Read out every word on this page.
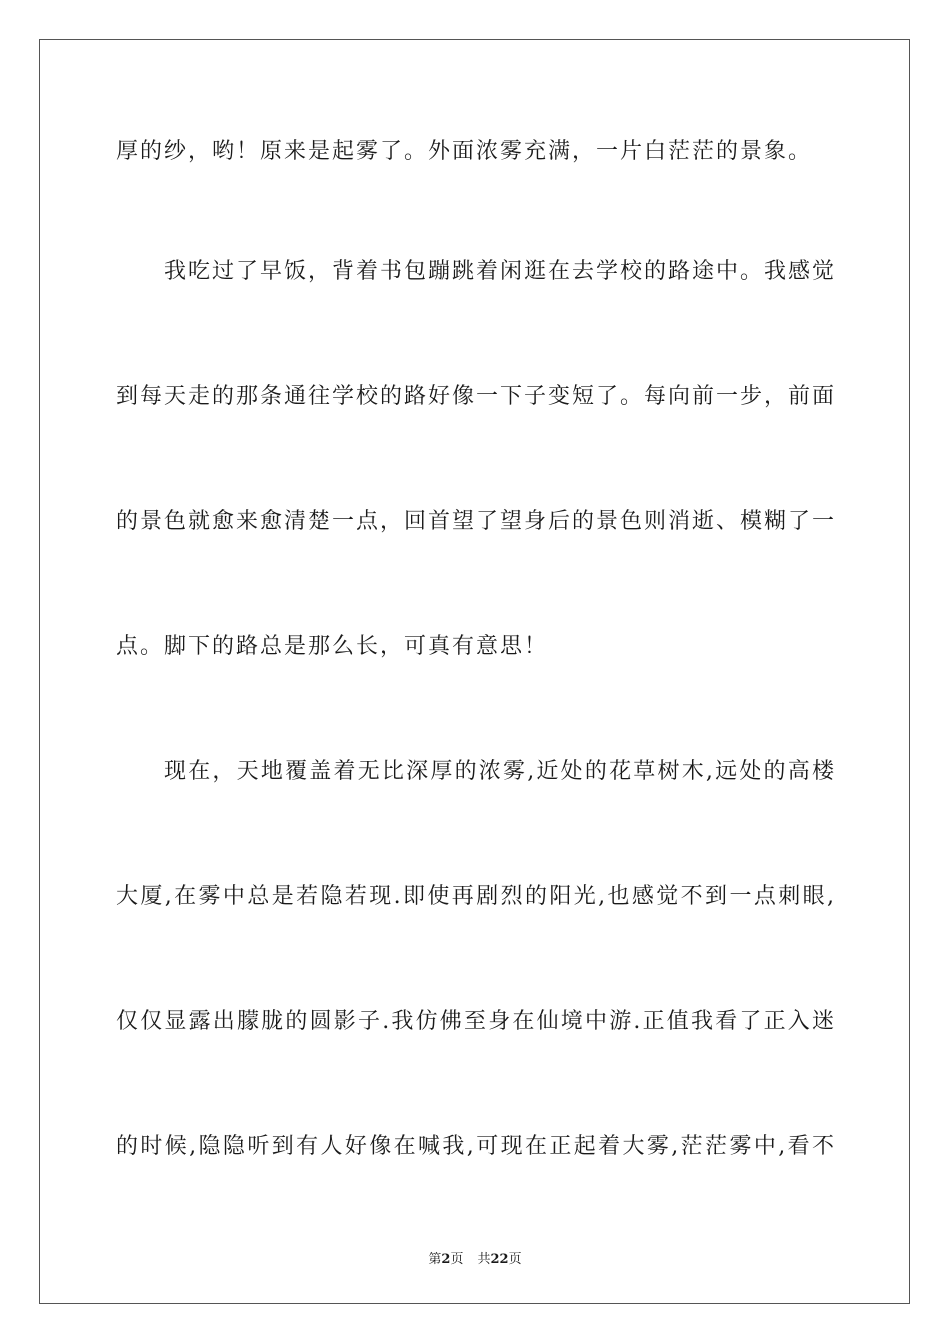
厚的纱，哟！原来是起雾了。外面浓雾充满，一片白茫茫的景象。
我吃过了早饭，背着书包蹦跳着闲逛在去学校的路途中。我感觉
到每天走的那条通往学校的路好像一下子变短了。每向前一步，前面
的景色就愈来愈清楚一点，回首望了望身后的景色则消逝、模糊了一
点。脚下的路总是那么长，可真有意思！
现在，天地覆盖着无比深厚的浓雾,近处的花草树木,远处的高楼
大厦,在雾中总是若隐若现.即使再剧烈的阳光,也感觉不到一点刺眼,
仅仅显露出朦胧的圆影子.我仿佛至身在仙境中游.正值我看了正入迷
的时候,隐隐听到有人好像在喊我,可现在正起着大雾,茫茫雾中,看不
第2页 共22页
